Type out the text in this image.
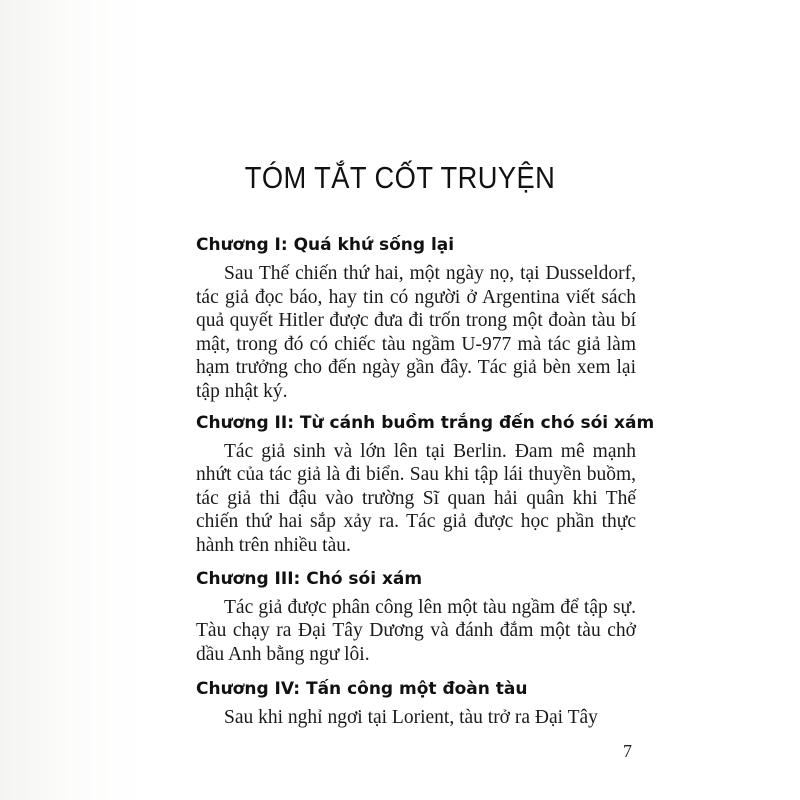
TÓM TẮT CỐT TRUYỆN
Chương I: Quá khứ sống lại

Sau Thế chiến thứ hai, một ngày nọ, tại Dusseldorf, tác giả đọc báo, hay tin có người ở Argentina viết sách quả quyết Hitler được đưa đi trốn trong một đoàn tàu bí mật, trong đó có chiếc tàu ngầm U-977 mà tác giả làm hạm trưởng cho đến ngày gần đây. Tác giả bèn xem lại tập nhật ký.

Chương II: Từ cánh buồm trắng đến chó sói xám

Tác giả sinh và lớn lên tại Berlin. Đam mê mạnh nhứt của tác giả là đi biển. Sau khi tập lái thuyền buồm, tác giả thi đậu vào trường Sĩ quan hải quân khi Thế chiến thứ hai sắp xảy ra. Tác giả được học phần thực hành trên nhiều tàu.

Chương III: Chó sói xám

Tác giả được phân công lên một tàu ngầm để tập sự. Tàu chạy ra Đại Tây Dương và đánh đắm một tàu chở dầu Anh bằng ngư lôi.

Chương IV: Tấn công một đoàn tàu

Sau khi nghỉ ngơi tại Lorient, tàu trở ra Đại Tây

7
